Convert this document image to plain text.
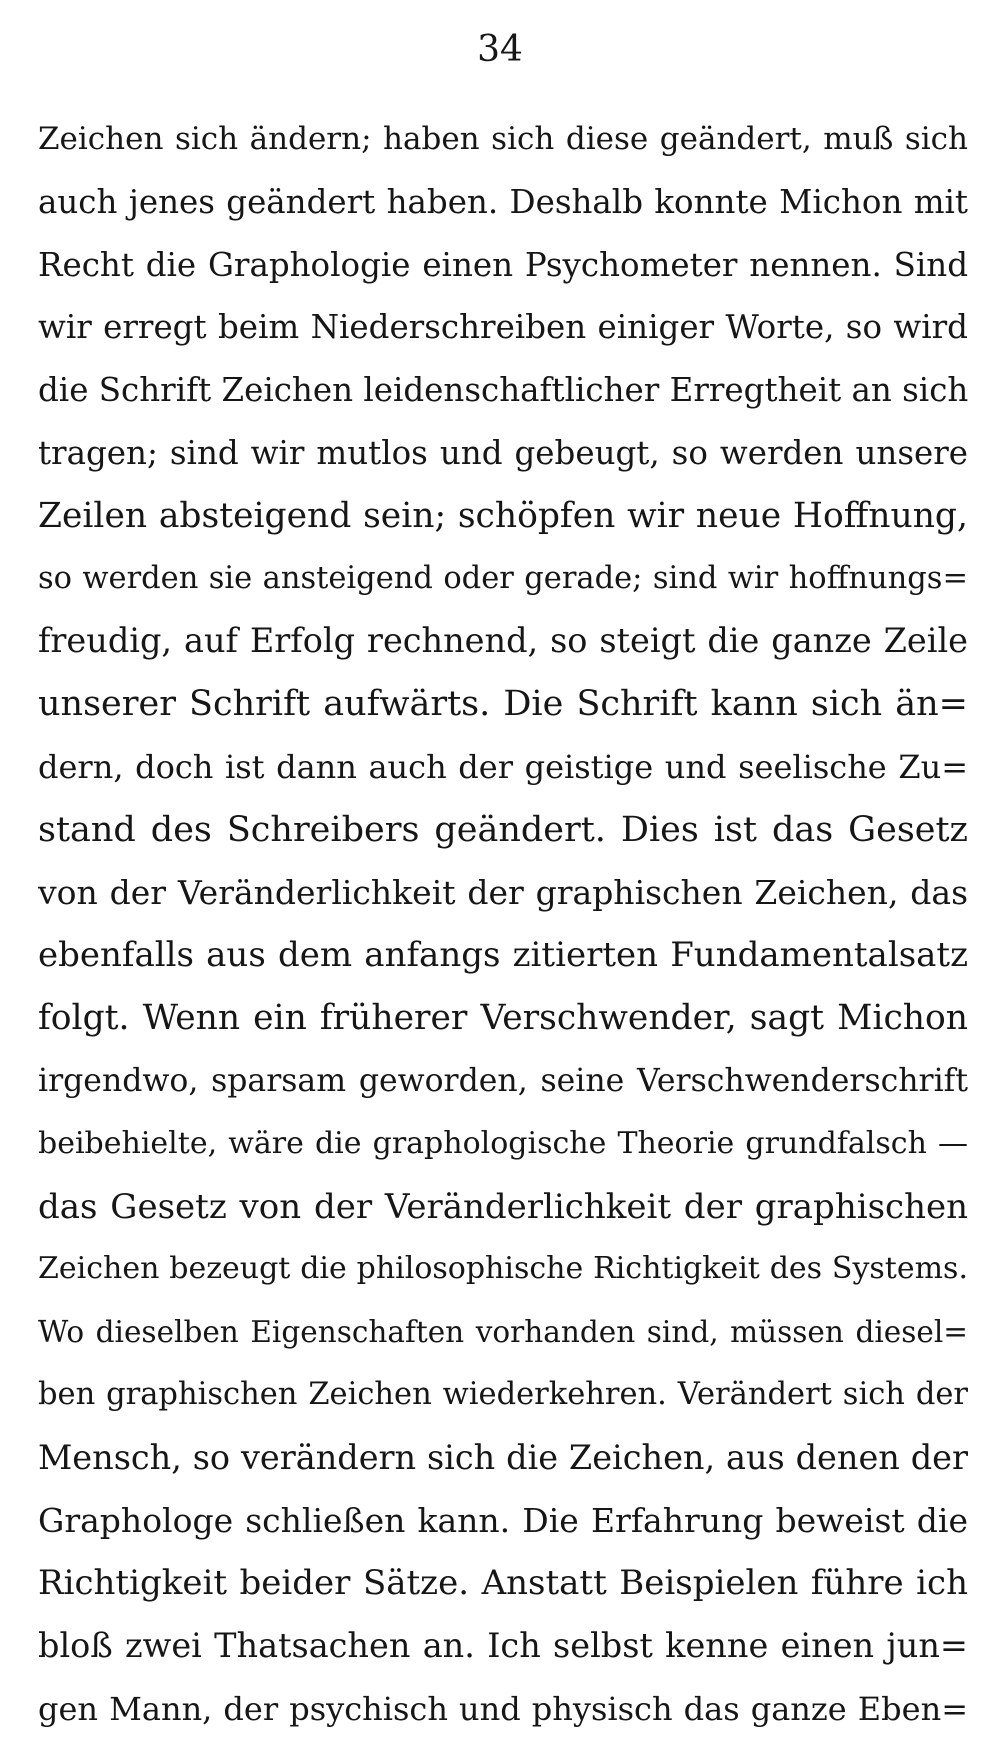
34
Zeichen sich ändern; haben sich diese geändert, muß sich
auch jenes geändert haben. Deshalb konnte Michon mit
Recht die Graphologie einen Psychometer nennen. Sind
wir erregt beim Niederschreiben einiger Worte, so wird
die Schrift Zeichen leidenschaftlicher Erregtheit an sich
tragen; sind wir mutlos und gebeugt, so werden unsere
Zeilen absteigend sein; schöpfen wir neue Hoffnung,
so werden sie ansteigend oder gerade; sind wir hoffnungs=
freudig, auf Erfolg rechnend, so steigt die ganze Zeile
unserer Schrift aufwärts. Die Schrift kann sich än=
dern, doch ist dann auch der geistige und seelische Zu=
stand des Schreibers geändert. Dies ist das Gesetz
von der Veränderlichkeit der graphischen Zeichen, das
ebenfalls aus dem anfangs zitierten Fundamentalsatz
folgt. Wenn ein früherer Verschwender, sagt Michon
irgendwo, sparsam geworden, seine Verschwenderschrift
beibehielte, wäre die graphologische Theorie grundfalsch —
das Gesetz von der Veränderlichkeit der graphischen
Zeichen bezeugt die philosophische Richtigkeit des Systems.
Wo dieselben Eigenschaften vorhanden sind, müssen diesel=
ben graphischen Zeichen wiederkehren. Verändert sich der
Mensch, so verändern sich die Zeichen, aus denen der
Graphologe schließen kann. Die Erfahrung beweist die
Richtigkeit beider Sätze. Anstatt Beispielen führe ich
bloß zwei Thatsachen an. Ich selbst kenne einen jun=
gen Mann, der psychisch und physisch das ganze Eben=
